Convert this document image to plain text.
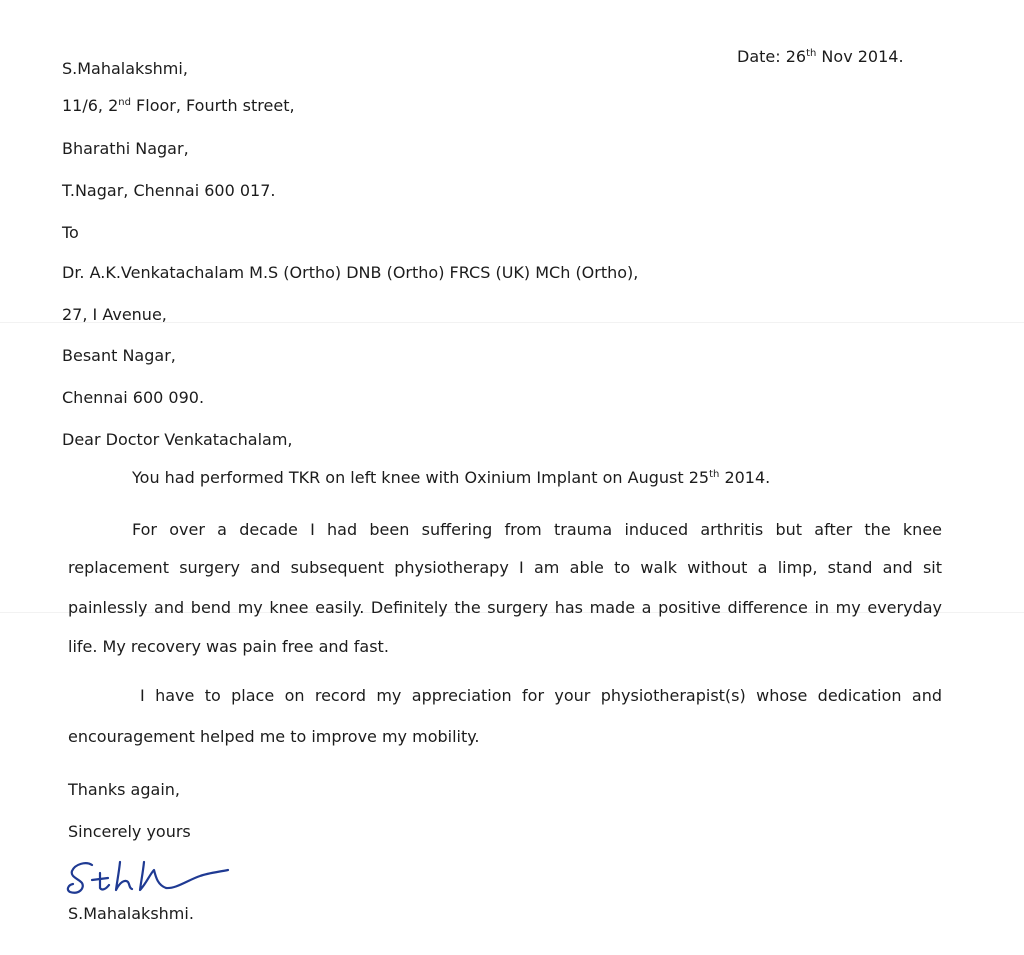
S.Mahalakshmi,
Date: 26th Nov 2014.
11/6, 2nd Floor, Fourth street,
Bharathi Nagar,
T.Nagar, Chennai 600 017.
To
Dr. A.K.Venkatachalam M.S (Ortho) DNB (Ortho) FRCS (UK) MCh (Ortho),
27, I Avenue,
Besant Nagar,
Chennai 600 090.
Dear Doctor Venkatachalam,
You had performed TKR on left knee with Oxinium Implant on August 25th 2014.
For over a decade I had been suffering from trauma induced arthritis but after the knee
replacement surgery and subsequent physiotherapy I am able to walk without a limp, stand and sit
painlessly and bend my knee easily. Definitely the surgery has made a positive difference in my everyday
life. My recovery was pain free and fast.
I have to place on record my appreciation for your physiotherapist(s) whose dedication and
encouragement helped me to improve my mobility.
Thanks again,
Sincerely yours
S.Mahalakshmi.
